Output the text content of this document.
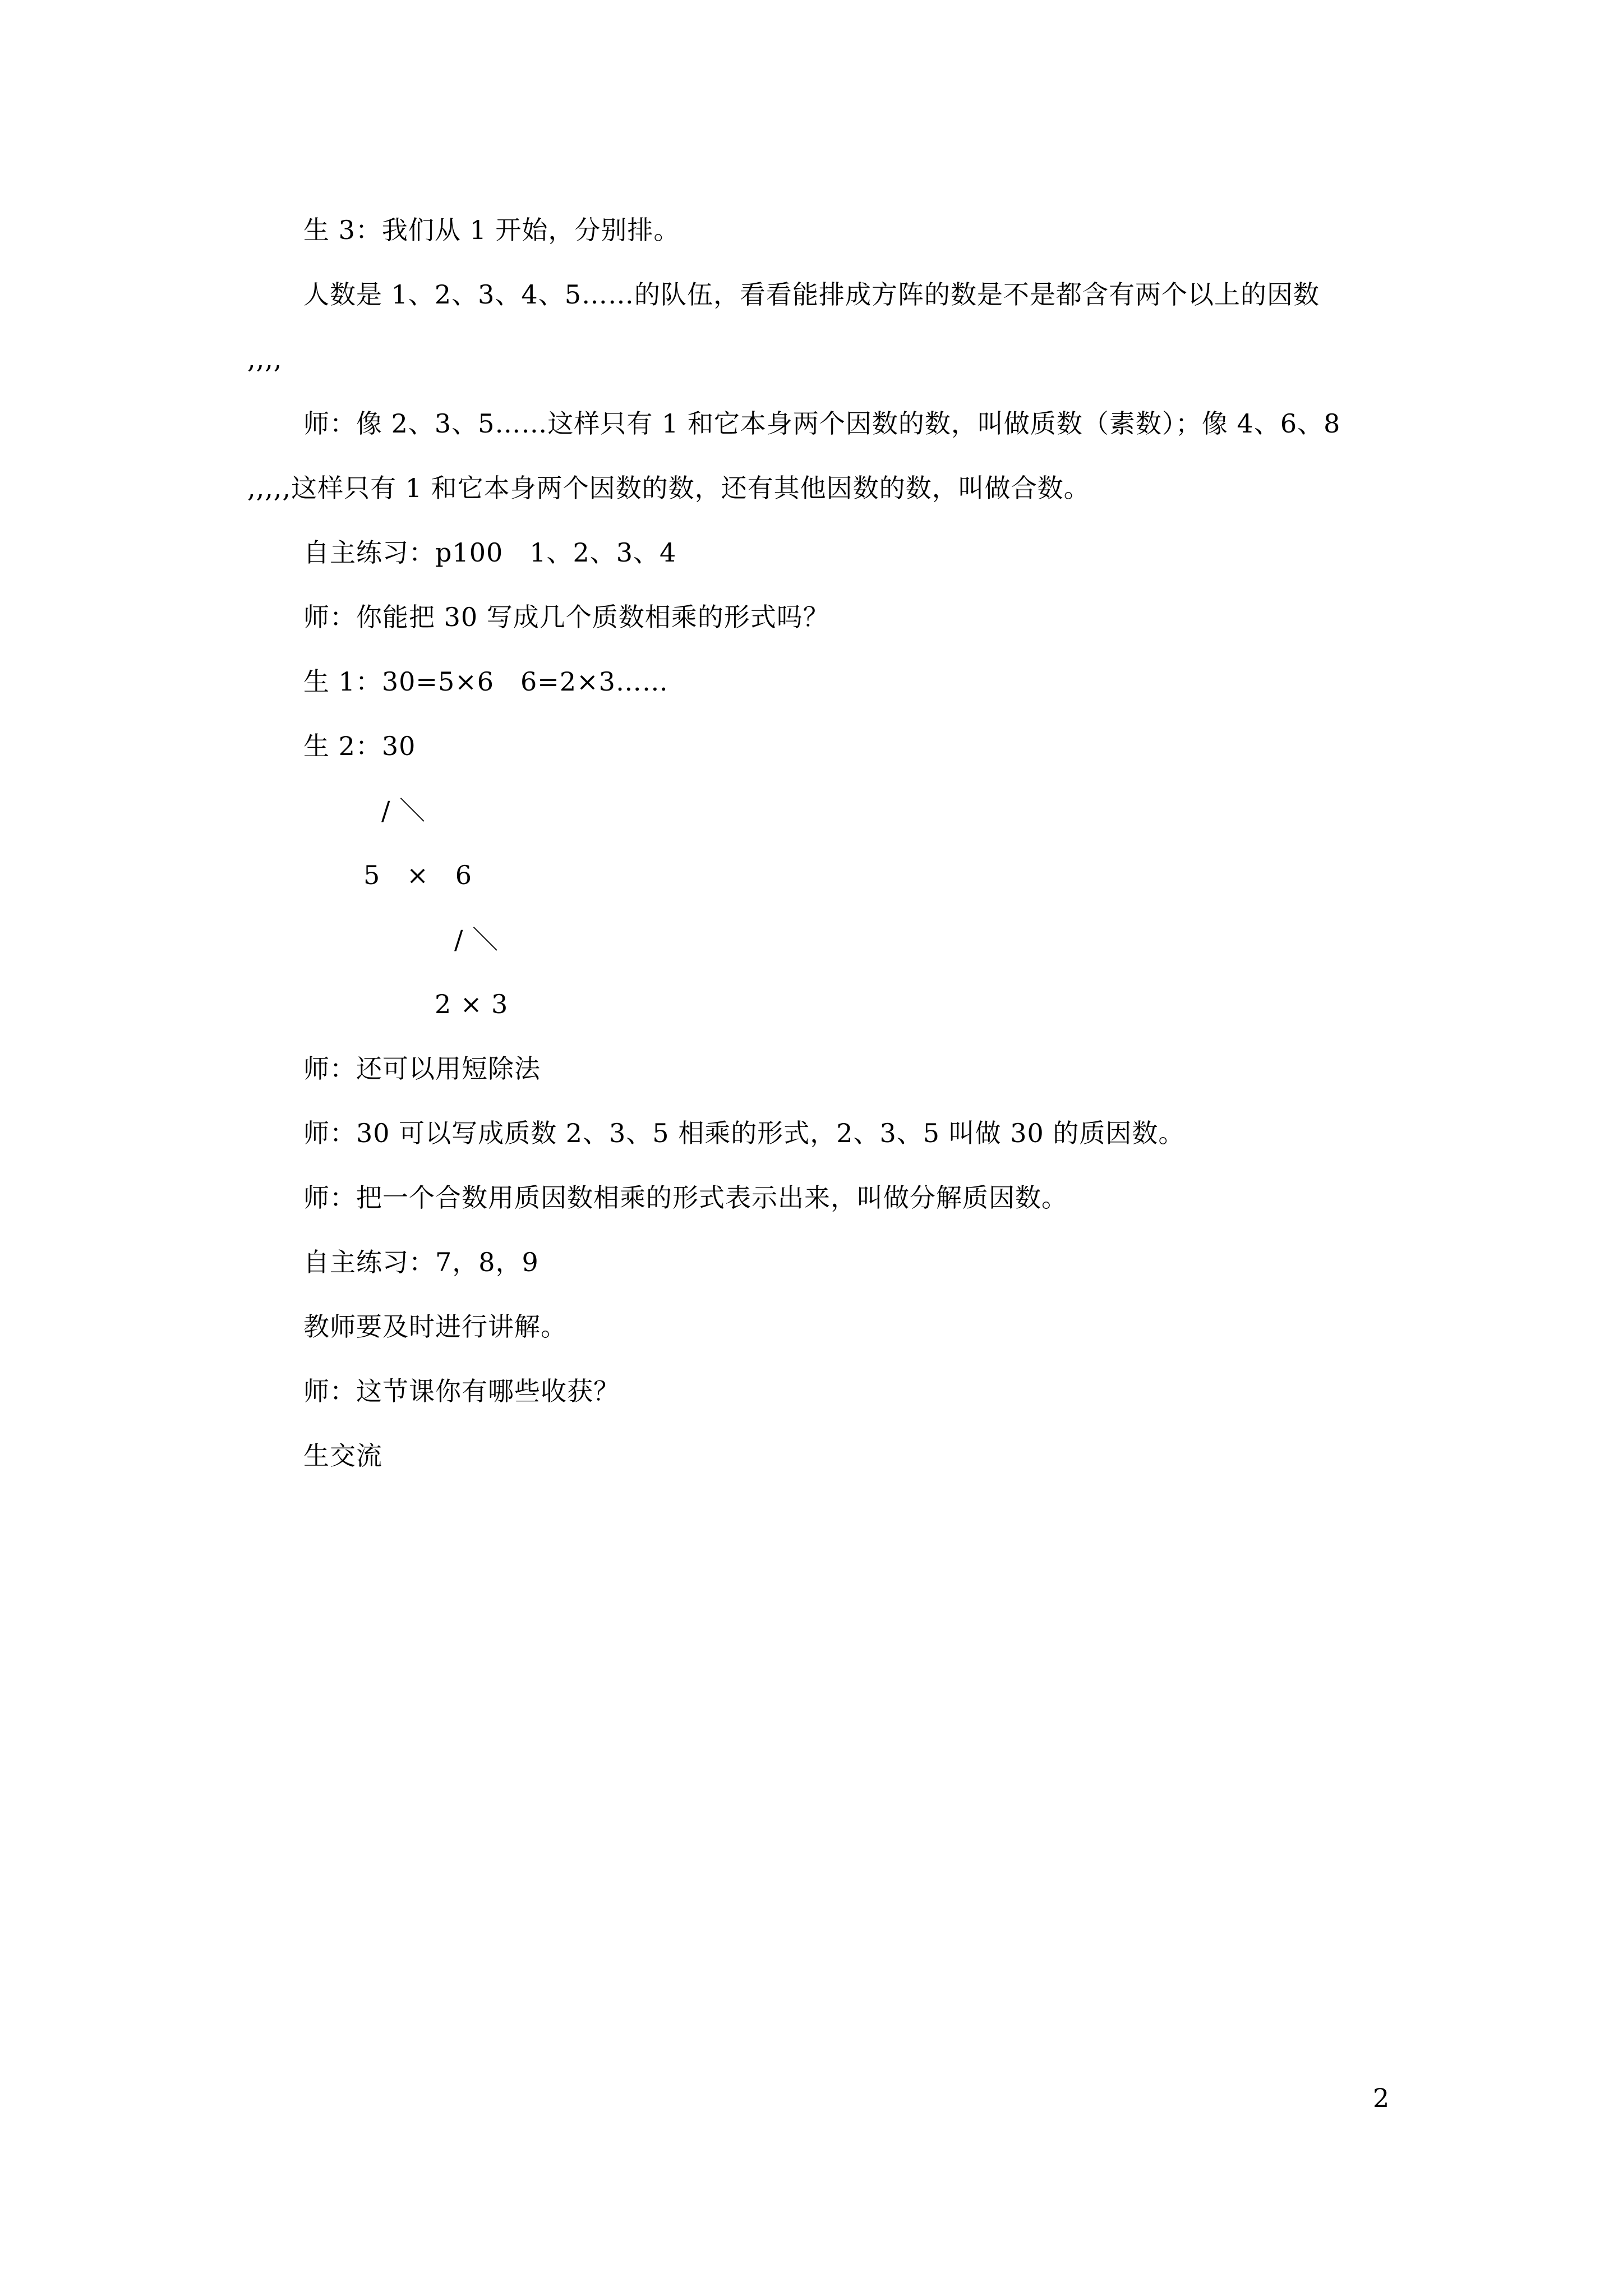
生 3：我们从 1 开始，分别排。
人数是 1、2、3、4、5……的队伍，看看能排成方阵的数是不是都含有两个以上的因数
,,,,
师：像 2、3、5……这样只有 1 和它本身两个因数的数，叫做质数（素数）；像 4、6、8
,,,,,这样只有 1 和它本身两个因数的数，还有其他因数的数，叫做合数。
自主练习：p100　1、2、3、4
师：你能把 30 写成几个质数相乘的形式吗？
生 1：30=5×6　6=2×3……
生 2：30
/ ＼
5　×　6
/ ＼
2 × 3
师：还可以用短除法
师：30 可以写成质数 2、3、5 相乘的形式，2、3、5 叫做 30 的质因数。
师：把一个合数用质因数相乘的形式表示出来，叫做分解质因数。
自主练习：7，8，9
教师要及时进行讲解。
师：这节课你有哪些收获？
生交流
2
